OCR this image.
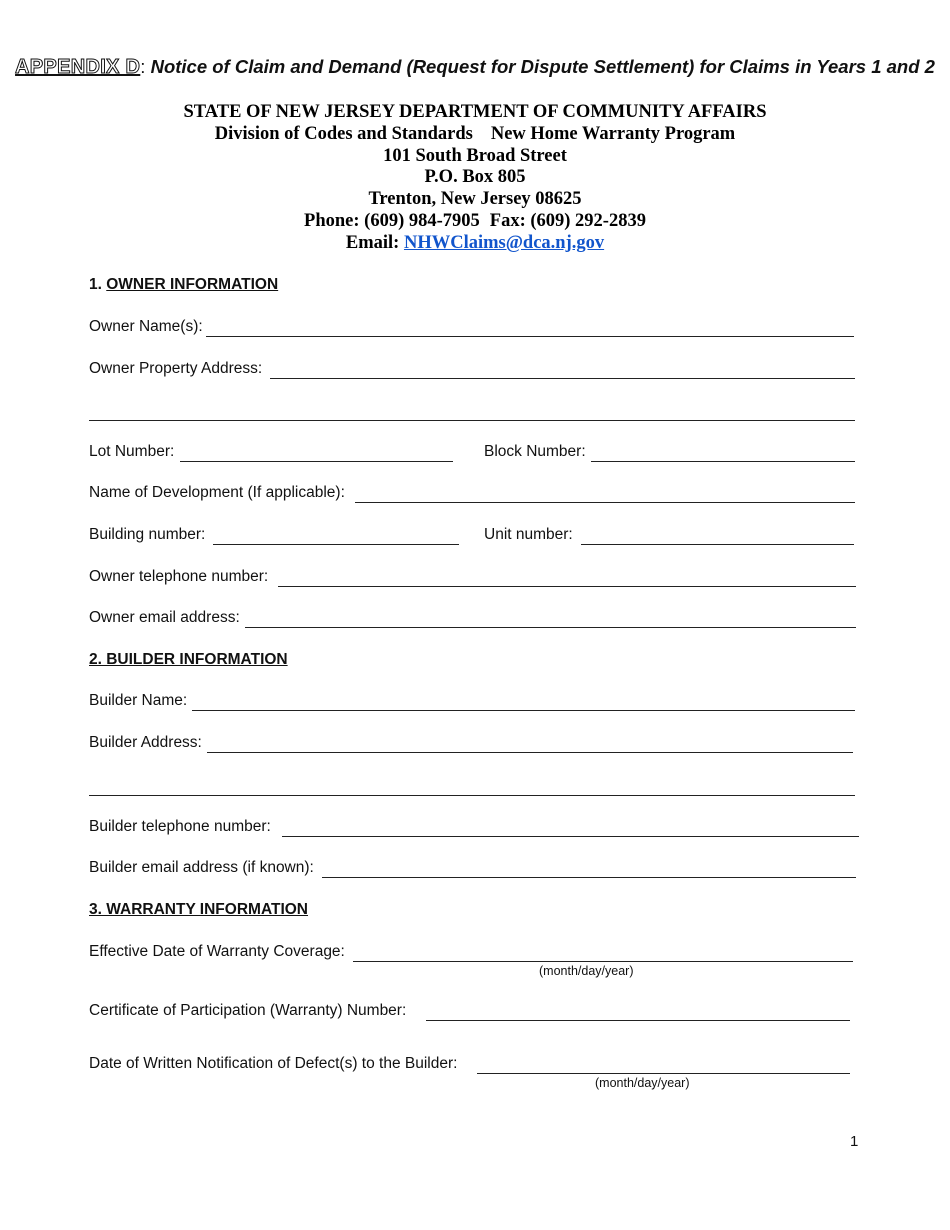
APPENDIX D: Notice of Claim and Demand (Request for Dispute Settlement) for Claims in Years 1 and 2
STATE OF NEW JERSEY DEPARTMENT OF COMMUNITY AFFAIRS
Division of Codes and Standards New Home Warranty Program
101 South Broad Street
P.O. Box 805
Trenton, New Jersey 08625
Phone: (609) 984-7905 Fax: (609) 292-2839
Email: NHWClaims@dca.nj.gov
1. OWNER INFORMATION
Owner Name(s):
Owner Property Address:
Lot Number:	Block Number:
Name of Development (If applicable):
Building number:	Unit number:
Owner telephone number:
Owner email address:
2. BUILDER INFORMATION
Builder Name:
Builder Address:
Builder telephone number:
Builder email address (if known):
3. WARRANTY INFORMATION
Effective Date of Warranty Coverage:
(month/day/year)
Certificate of Participation (Warranty) Number:
Date of Written Notification of Defect(s) to the Builder:
(month/day/year)
1
